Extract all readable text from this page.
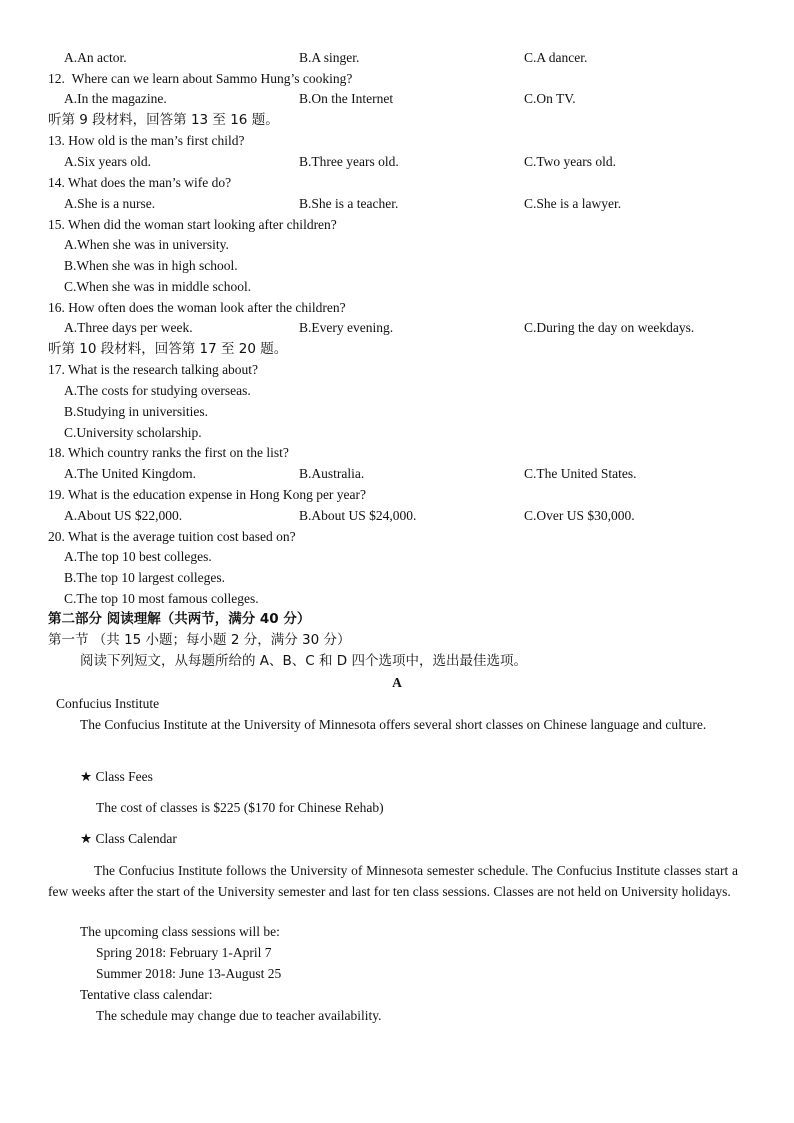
A.An actor.	B.A singer.	C.A dancer.
12. Where can we learn about Sammo Hung’s cooking?
A.In the magazine.	B.On the Internet	C.On TV.
听第 9 段材料，回答第 13 至 16 题。
13. How old is the man’s first child?
A.Six years old.	B.Three years old.	C.Two years old.
14. What does the man’s wife do?
A.She is a nurse.	B.She is a teacher.	C.She is a lawyer.
15. When did the woman start looking after children?
A.When she was in university.
B.When she was in high school.
C.When she was in middle school.
16. How often does the woman look after the children?
A.Three days per week.	B.Every evening.	C.During the day on weekdays.
听第 10 段材料，回答第 17 至 20 题。
17. What is the research talking about?
A.The costs for studying overseas.
B.Studying in universities.
C.University scholarship.
18. Which country ranks the first on the list?
A.The United Kingdom.	B.Australia.	C.The United States.
19. What is the education expense in Hong Kong per year?
A.About US $22,000.	B.About US $24,000.	C.Over US $30,000.
20. What is the average tuition cost based on?
A.The top 10 best colleges.
B.The top 10 largest colleges.
C.The top 10 most famous colleges.
第二部分 阅读理解（共两节，满分 40 分）
第一节 （共 15 小题；每小题 2 分，满分 30 分）
阅读下列短文，从每题所给的 A、B、C 和 D 四个选项中，选出最佳选项。
A
Confucius Institute
The Confucius Institute at the University of Minnesota offers several short classes on Chinese language and culture.
★ Class Fees
The cost of classes is $225 ($170 for Chinese Rehab)
★ Class Calendar
The Confucius Institute follows the University of Minnesota semester schedule. The Confucius Institute classes start a few weeks after the start of the University semester and last for ten class sessions. Classes are not held on University holidays.
The upcoming class sessions will be:
Spring 2018: February 1-April 7
Summer 2018: June 13-August 25
Tentative class calendar:
The schedule may change due to teacher availability.
